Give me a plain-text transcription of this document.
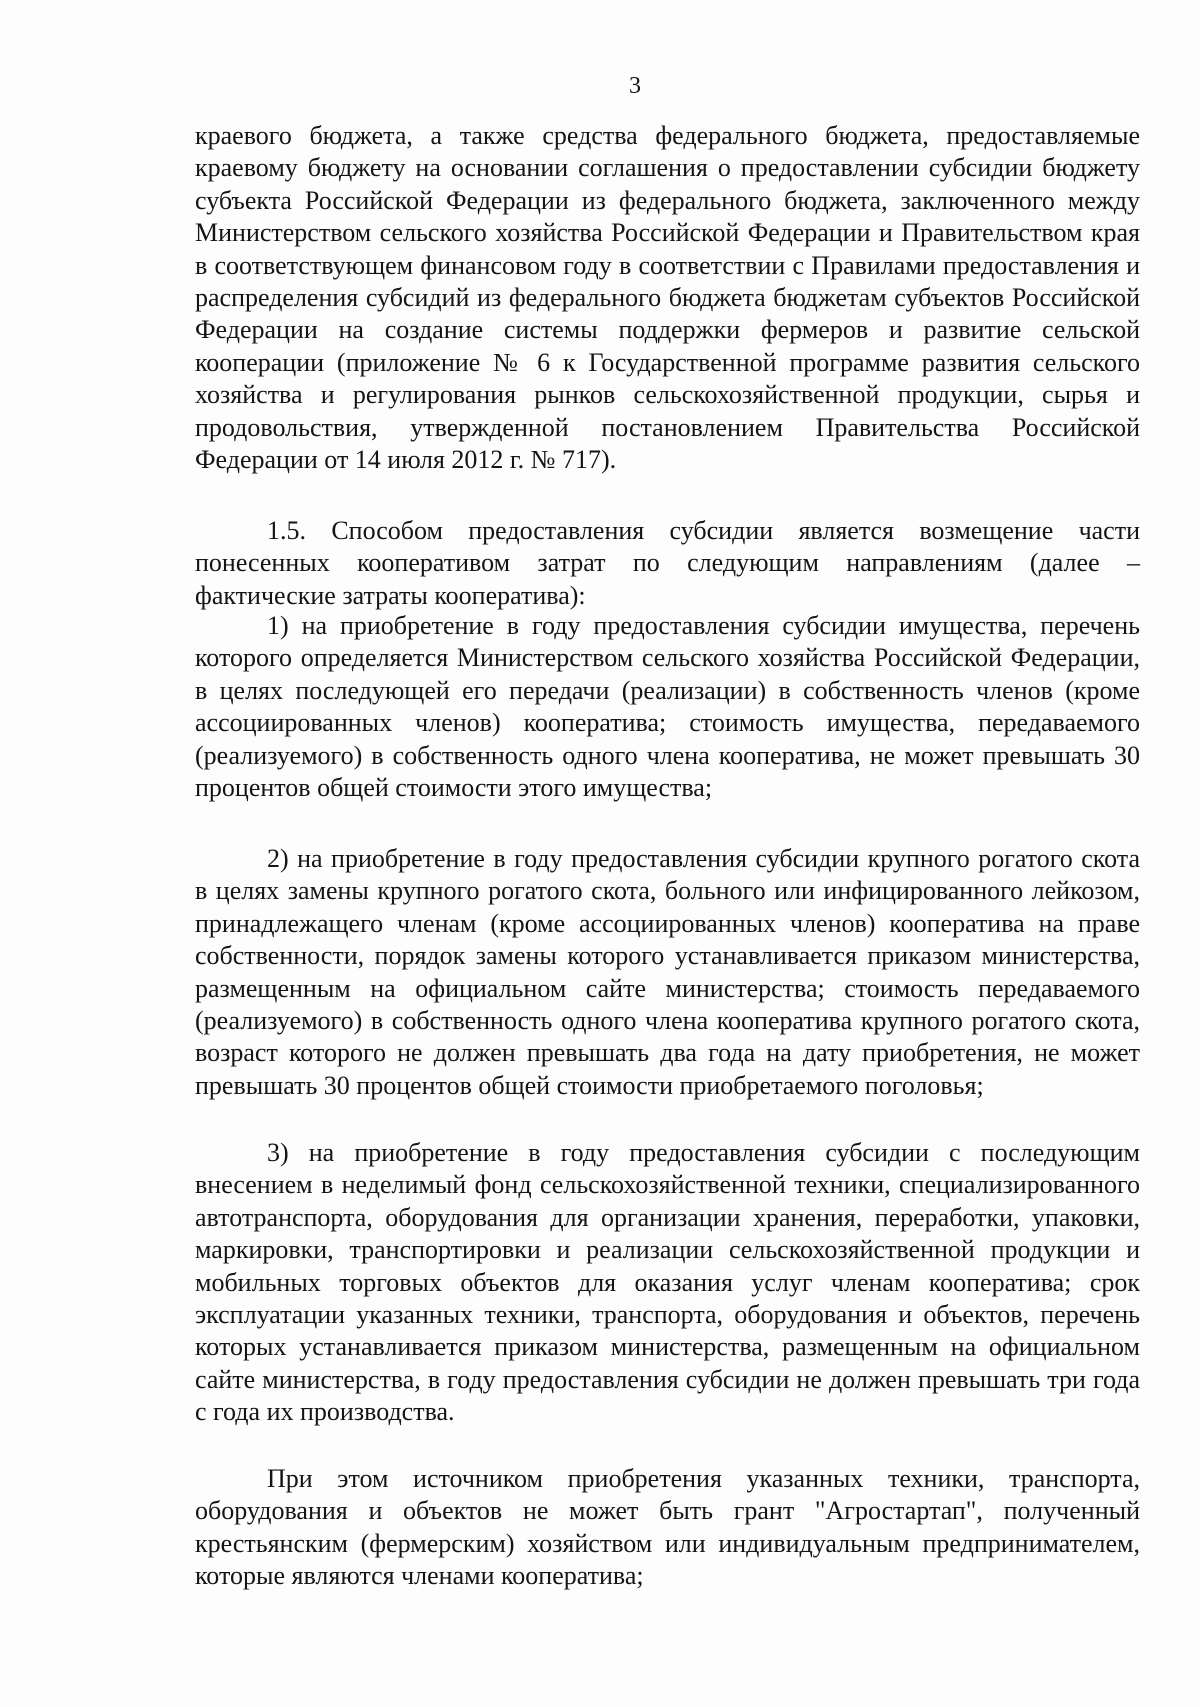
3

краевого бюджета, а также средства федерального бюджета, предоставляемые краевому бюджету на основании соглашения о предоставлении субсидии бюджету субъекта Российской Федерации из федерального бюджета, заключенного между Министерством сельского хозяйства Российской Федерации и Правительством края в соответствующем финансовом году в соответствии с Правилами предоставления и распределения субсидий из федерального бюджета бюджетам субъектов Российской Федерации на создание системы поддержки фермеров и развитие сельской кооперации (приложение № 6 к Государственной программе развития сельского хозяйства и регулирования рынков сельскохозяйственной продукции, сырья и продовольствия, утвержденной постановлением Правительства Российской Федерации от 14 июля 2012 г. № 717).

1.5. Способом предоставления субсидии является возмещение части понесенных кооперативом затрат по следующим направлениям (далее – фактические затраты кооператива):

1) на приобретение в году предоставления субсидии имущества, перечень которого определяется Министерством сельского хозяйства Российской Федерации, в целях последующей его передачи (реализации) в собственность членов (кроме ассоциированных членов) кооператива; стоимость имущества, передаваемого (реализуемого) в собственность одного члена кооператива, не может превышать 30 процентов общей стоимости этого имущества;

2) на приобретение в году предоставления субсидии крупного рогатого скота в целях замены крупного рогатого скота, больного или инфицированного лейкозом, принадлежащего членам (кроме ассоциированных членов) кооператива на праве собственности, порядок замены которого устанавливается приказом министерства, размещенным на официальном сайте министерства; стоимость передаваемого (реализуемого) в собственность одного члена кооператива крупного рогатого скота, возраст которого не должен превышать два года на дату приобретения, не может превышать 30 процентов общей стоимости приобретаемого поголовья;

3) на приобретение в году предоставления субсидии с последующим внесением в неделимый фонд сельскохозяйственной техники, специализированного автотранспорта, оборудования для организации хранения, переработки, упаковки, маркировки, транспортировки и реализации сельскохозяйственной продукции и мобильных торговых объектов для оказания услуг членам кооператива; срок эксплуатации указанных техники, транспорта, оборудования и объектов, перечень которых устанавливается приказом министерства, размещенным на официальном сайте министерства, в году предоставления субсидии не должен превышать три года с года их производства.

При этом источником приобретения указанных техники, транспорта, оборудования и объектов не может быть грант "Агростартап", полученный крестьянским (фермерским) хозяйством или индивидуальным предпринимателем, которые являются членами кооператива;
